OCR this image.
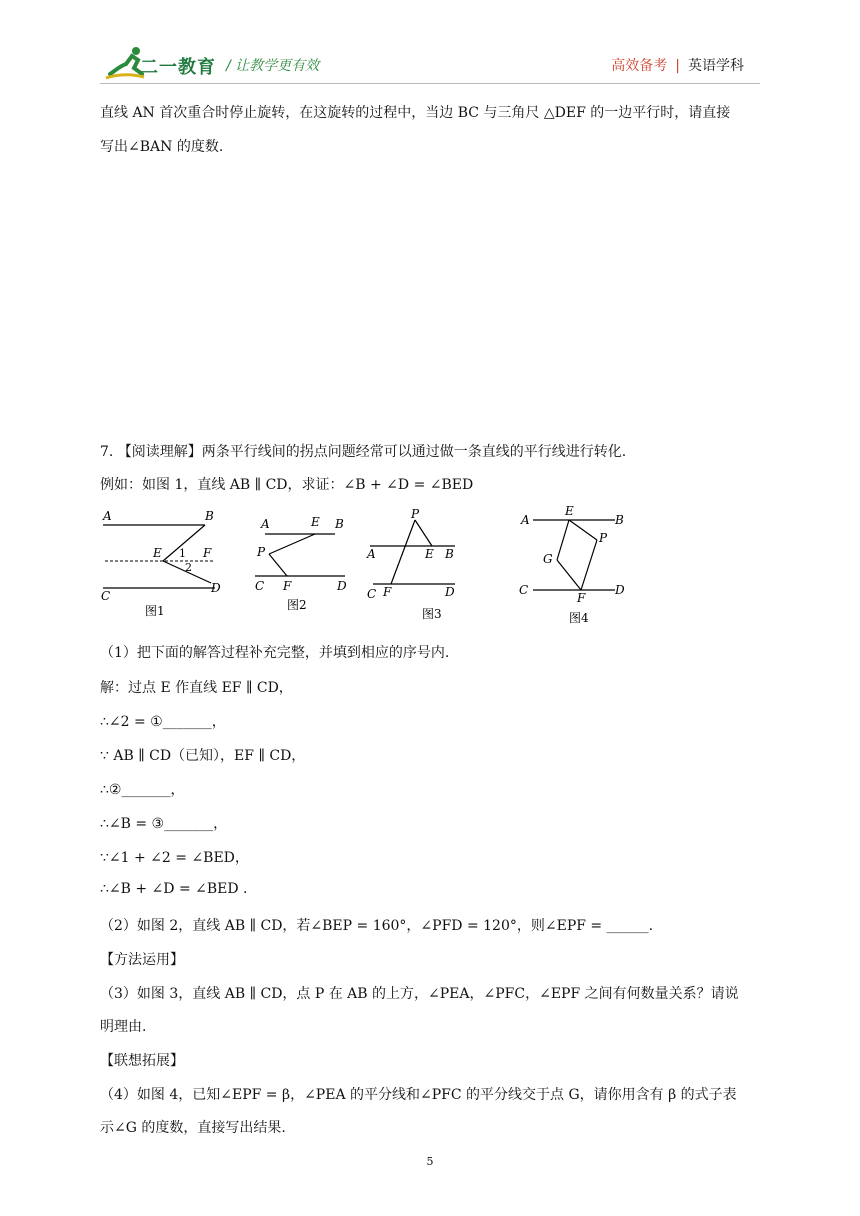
二一教育 / 让教学更有效	高效备考 | 英语学科
直线 AN 首次重合时停止旋转，在这旋转的过程中，当边 BC 与三角尺 △DEF 的一边平行时，请直接
写出∠BAN 的度数.
7. 【阅读理解】两条平行线间的拐点问题经常可以通过做一条直线的平行线进行转化.
例如：如图 1，直线 AB ∥ CD，求证：∠B + ∠D = ∠BED
A	B
E	F
1
2
C
D
图1
A	E B
P
C F	D
图2
P
A	E B
C F	D
图3
A
E
B
G
P
C
F
D
图4
（1）把下面的解答过程补充完整，并填到相应的序号内.
解：过点 E 作直线 EF ∥ CD，
∴∠2 = ①_______，
∵ AB ∥ CD（已知），EF ∥ CD，
∴②_______，
∴∠B = ③_______，
∵∠1 + ∠2 = ∠BED，
∴∠B + ∠D = ∠BED .
（2）如图 2，直线 AB ∥ CD，若∠BEP = 160°，∠PFD = 120°，则∠EPF = ______.
【方法运用】
（3）如图 3，直线 AB ∥ CD，点 P 在 AB 的上方，∠PEA，∠PFC，∠EPF 之间有何数量关系？请说
明理由.
【联想拓展】
（4）如图 4，已知∠EPF = β，∠PEA 的平分线和∠PFC 的平分线交于点 G，请你用含有 β 的式子表
示∠G 的度数，直接写出结果.
5
